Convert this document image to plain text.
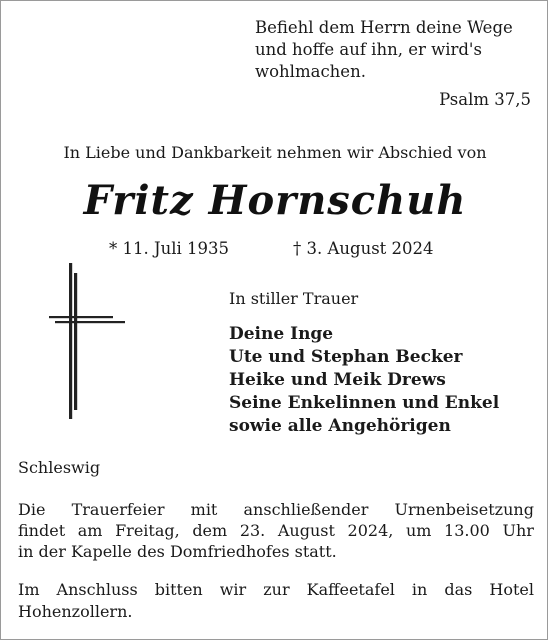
Befiehl dem Herrn deine Wege
und hoffe auf ihn, er wird's
wohlmachen.
Psalm 37,5
In Liebe und Dankbarkeit nehmen wir Abschied von
Fritz Hornschuh
* 11. Juli 1935	† 3. August 2024
In stiller Trauer
Deine Inge
Ute und Stephan Becker
Heike und Meik Drews
Seine Enkelinnen und Enkel
sowie alle Angehörigen
Schleswig
Die Trauerfeier mit anschließender Urnenbeisetzung
findet am Freitag, dem 23. August 2024, um 13.00 Uhr
in der Kapelle des Domfriedhofes statt.
Im Anschluss bitten wir zur Kaffeetafel in das Hotel
Hohenzollern.
